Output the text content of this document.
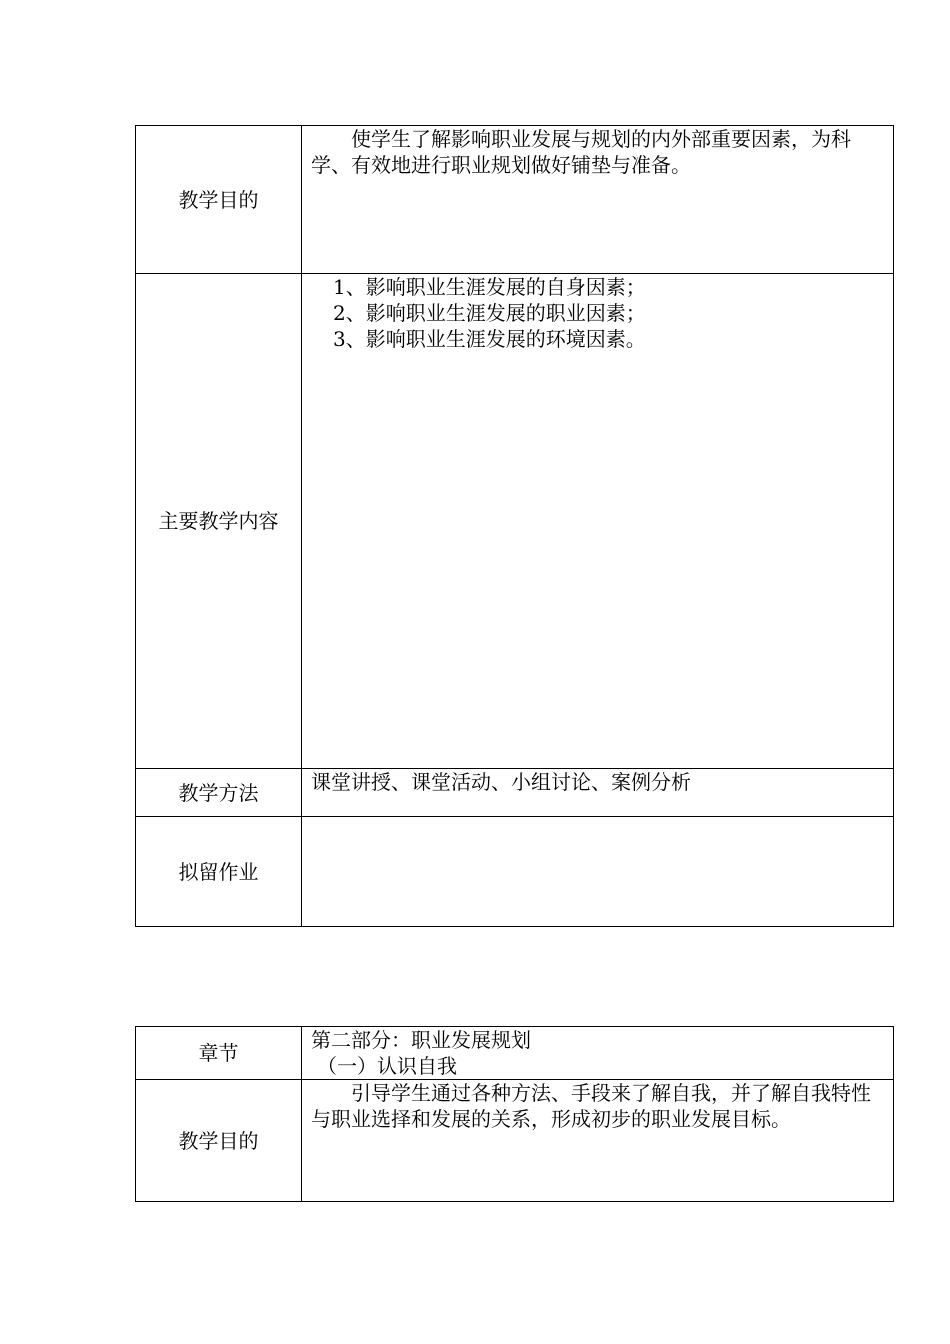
教学目的	使学生了解影响职业发展与规划的内外部重要因素，为科学、有效地进行职业规划做好铺垫与准备。

主要教学内容	1、影响职业生涯发展的自身因素；
2、影响职业生涯发展的职业因素；
3、影响职业生涯发展的环境因素。

教学方法	课堂讲授、课堂活动、小组讨论、案例分析

拟留作业	
章节	第二部分：职业发展规划
（一）认识自我

教学目的	引导学生通过各种方法、手段来了解自我，并了解自我特性与职业选择和发展的关系，形成初步的职业发展目标。
